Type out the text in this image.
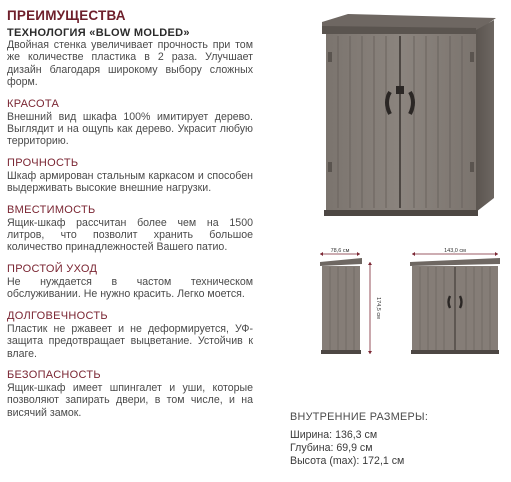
ПРЕИМУЩЕСТВА
ТЕХНОЛОГИЯ «BLOW MOLDED»

Двойная стенка увеличивает прочность при том же количестве пластика в 2 раза. Улучшает дизайн благодаря широкому выбору сложных форм.

КРАСОТА

Внешний вид шкафа 100% имитирует дерево. Выглядит и на ощупь как дерево. Украсит любую территорию.

ПРОЧНОСТЬ

Шкаф армирован стальным каркасом и способен выдерживать высокие внешние нагрузки.

ВМЕСТИМОСТЬ

Ящик-шкаф рассчитан более чем на 1500 литров, что позволит хранить большое количество принадлежностей Вашего патио.

ПРОСТОЙ УХОД

Не нуждается в частом техническом обслуживании. Не нужно красить. Легко моется.

ДОЛГОВЕЧНОСТЬ

Пластик не ржавеет и не деформируется, УФ-защита предотвращает выцветание. Устойчив к влаге.

БЕЗОПАСНОСТЬ

Ящик-шкаф имеет шпингалет и уши, которые позволяют запирать двери, в том числе, и на висячий замок.

78,6 см
174,5 см
143,0 см
ВНУТРЕННИЕ РАЗМЕРЫ:
Ширина: 136,3 см
Глубина: 69,9 см
Высота (max): 172,1 см
